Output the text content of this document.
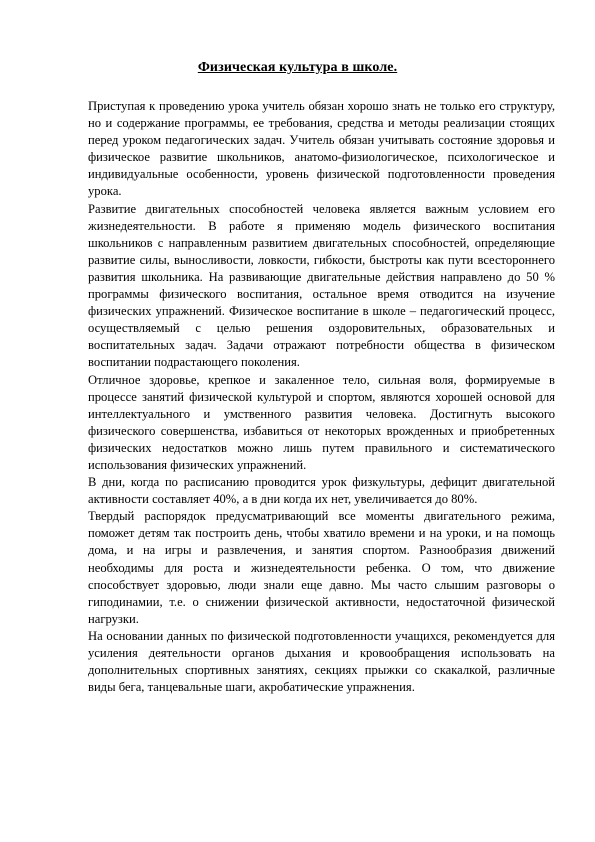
Физическая культура в школе.

Приступая к проведению урока учитель обязан хорошо знать не только его структуру, но и содержание программы, ее требования, средства и методы реализации стоящих перед уроком педагогических задач. Учитель обязан учитывать состояние здоровья и физическое развитие школьников, анатомо-физиологическое, психологическое и индивидуальные особенности, уровень физической подготовленности проведения урока.

Развитие двигательных способностей человека является важным условием его жизнедеятельности. В работе я применяю модель физического воспитания школьников с направленным развитием двигательных способностей, определяющие развитие силы, выносливости, ловкости, гибкости, быстроты как пути всестороннего развития школьника. На развивающие двигательные действия направлено до 50 % программы физического воспитания, остальное время отводится на изучение физических упражнений. Физическое воспитание в школе – педагогический процесс, осуществляемый с целью решения оздоровительных, образовательных и воспитательных задач. Задачи отражают потребности общества в физическом воспитании подрастающего поколения.

Отличное здоровье, крепкое и закаленное тело, сильная воля, формируемые в процессе занятий физической культурой и спортом, являются хорошей основой для интеллектуального и умственного развития человека. Достигнуть высокого физического совершенства, избавиться от некоторых врожденных и приобретенных физических недостатков можно лишь путем правильного и систематического использования физических упражнений.

В дни, когда по расписанию проводится урок физкультуры, дефицит двигательной активности составляет 40%, а в дни когда их нет, увеличивается до 80%.

Твердый распорядок предусматривающий все моменты двигательного режима, поможет детям так построить день, чтобы хватило времени и на уроки, и на помощь дома, и на игры и развлечения, и занятия спортом. Разнообразия движений необходимы для роста и жизнедеятельности ребенка. О том, что движение способствует здоровью, люди знали еще давно. Мы часто слышим разговоры о гиподинамии, т.е. о снижении физической активности, недостаточной физической нагрузки.

На основании данных по физической подготовленности учащихся, рекомендуется для усиления деятельности органов дыхания и кровообращения использовать на дополнительных спортивных занятиях, секциях прыжки со скакалкой, различные виды бега, танцевальные шаги, акробатические упражнения.
